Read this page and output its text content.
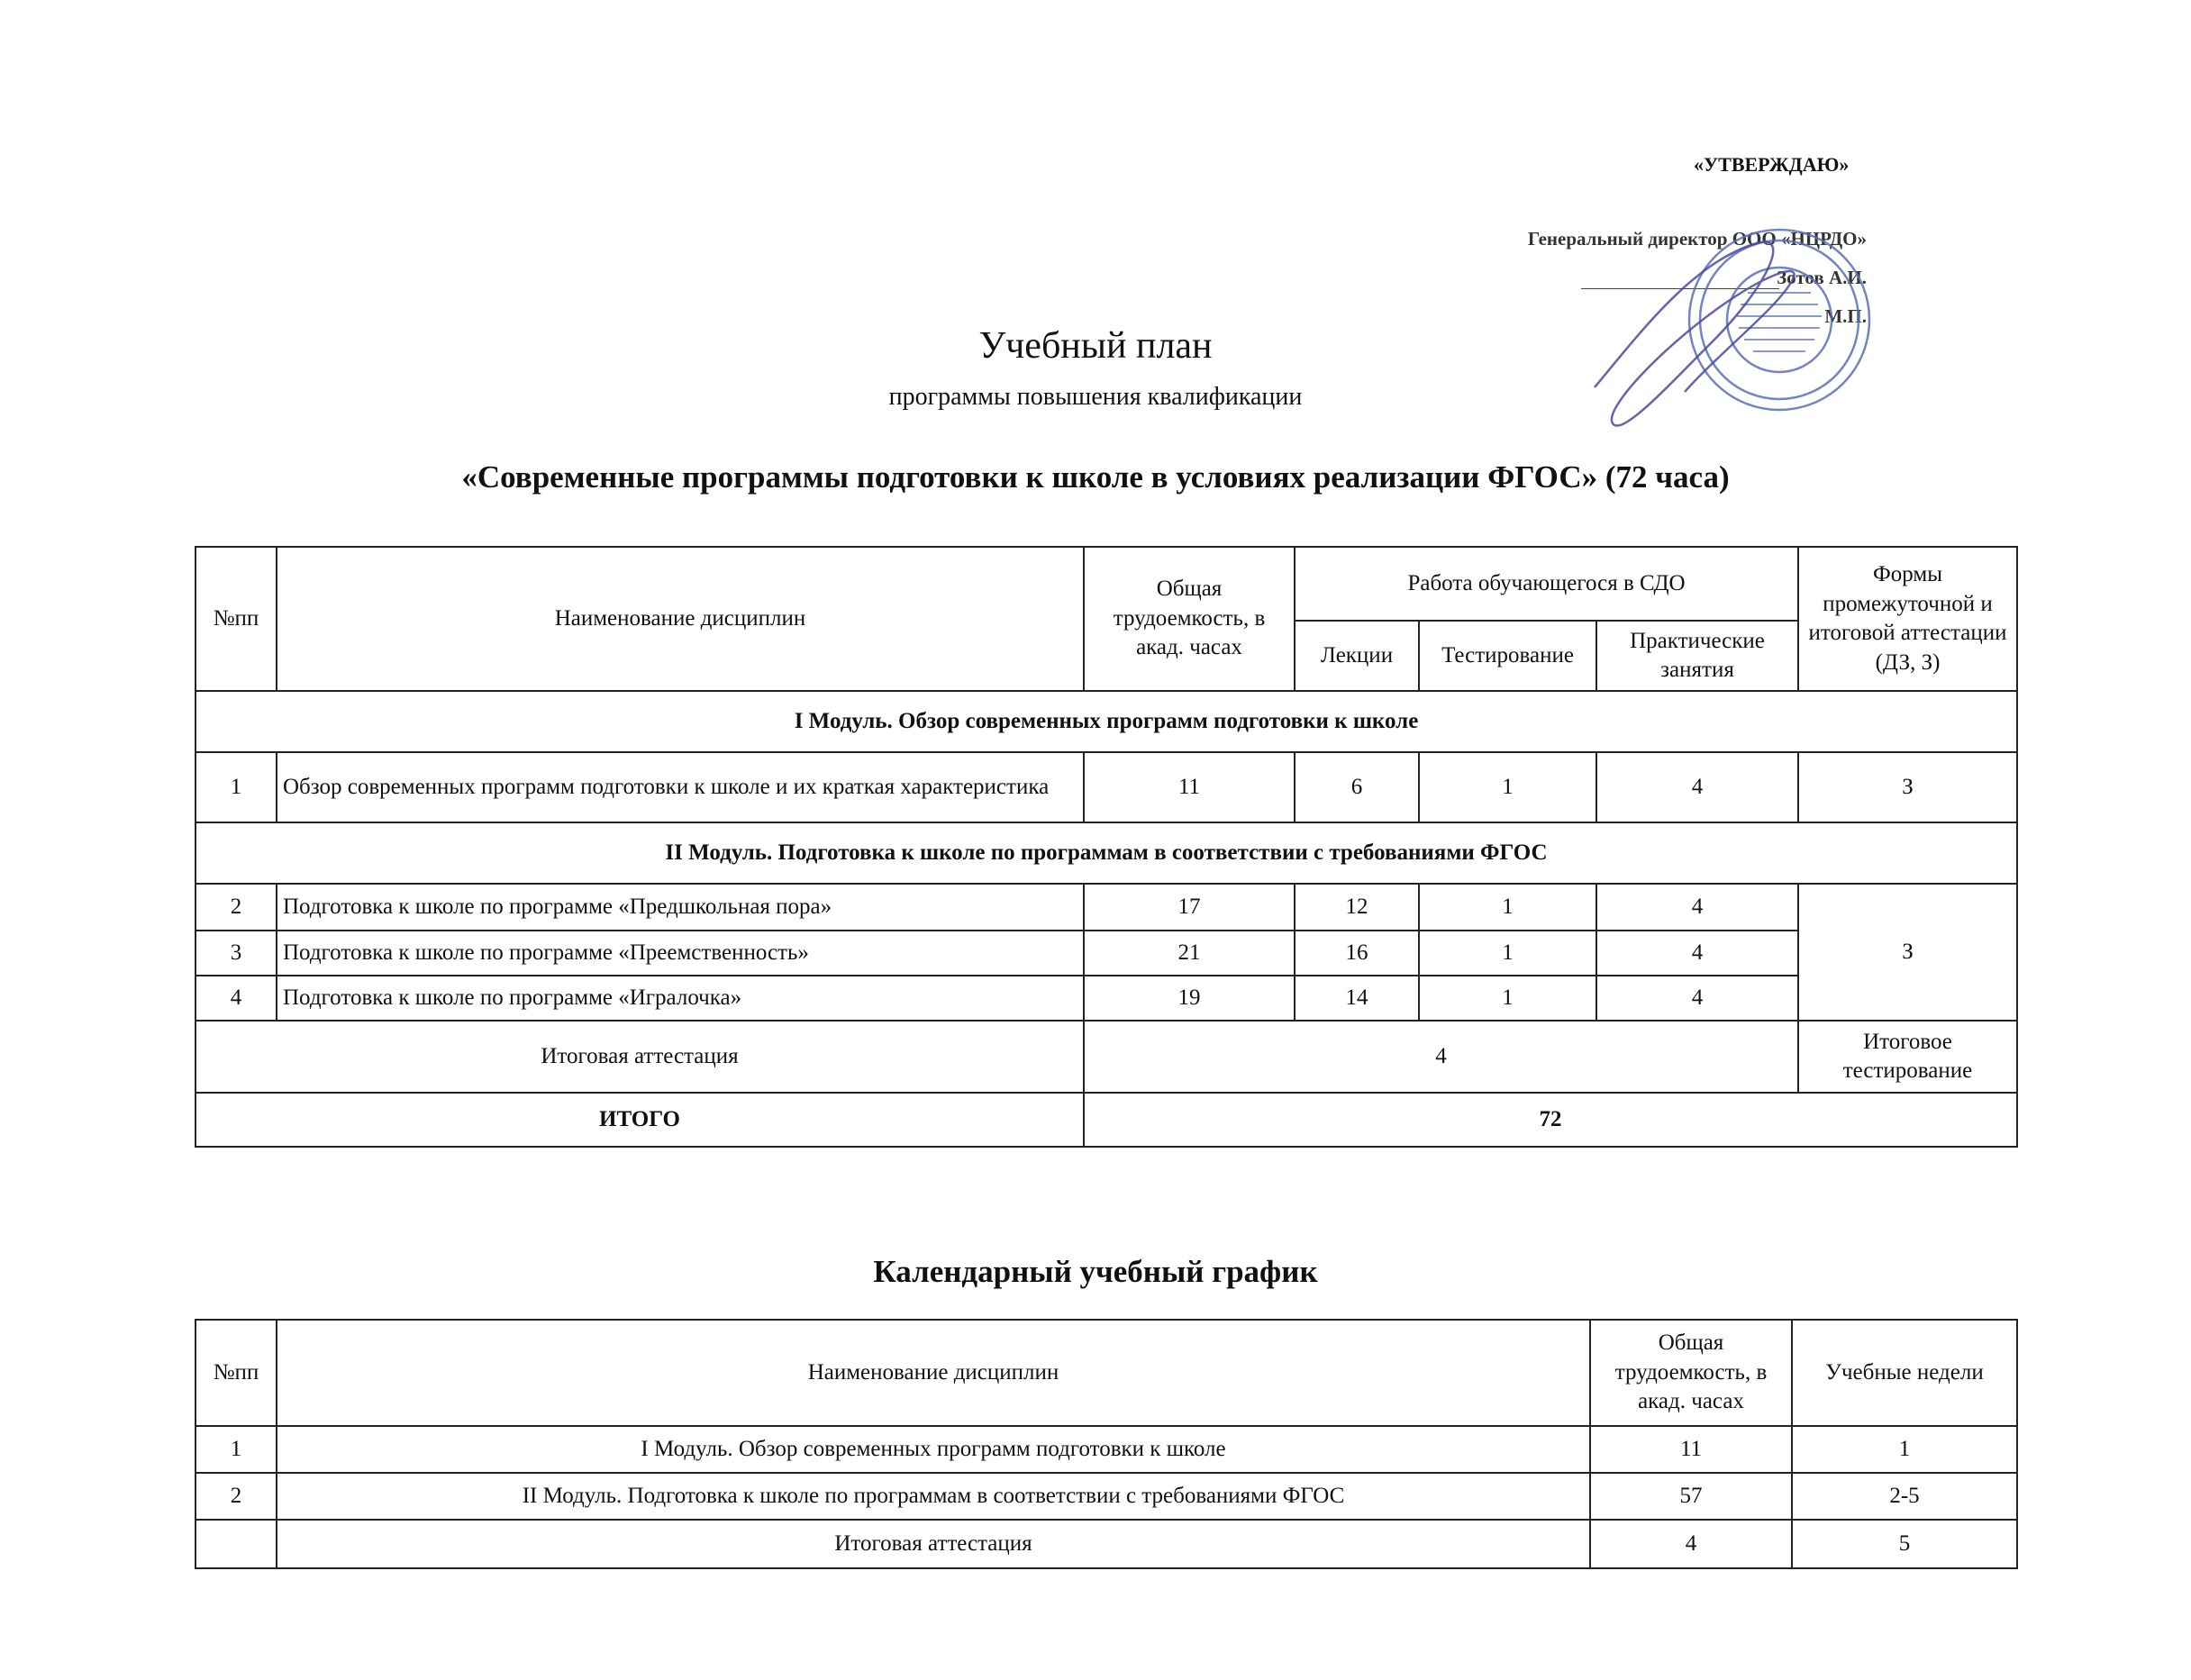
«УТВЕРЖДАЮ»
Генеральный директор ООО «НЦРДО»
Зотов А.И.
М.П.
Учебный план
программы повышения квалификации
«Современные программы подготовки к школе в условиях реализации ФГОС» (72 часа)
№пп	Наименование дисциплин	Общая трудоемкость, в акад. часах	Работа обучающегося в СДО			Формы промежуточной и итоговой аттестации (ДЗ, З)
			Лекции	Тестирование	Практические занятия	
I Модуль. Обзор современных программ подготовки к школе						
1	Обзор современных программ подготовки к школе и их краткая характеристика	11	6	1	4	З
II Модуль. Подготовка к школе по программам в соответствии с требованиями ФГОС						
2	Подготовка к школе по программе «Предшкольная пора»	17	12	1	4	З
3	Подготовка к школе по программе «Преемственность»	21	16	1	4	
4	Подготовка к школе по программе «Игралочка»	19	14	1	4	
Итоговая аттестация		4				Итоговое тестирование
ИТОГО		72				
Календарный учебный график
№пп	Наименование дисциплин	Общая трудоемкость, в акад. часах	Учебные недели
1	I Модуль. Обзор современных программ подготовки к школе	11	1
2	II Модуль. Подготовка к школе по программам в соответствии с требованиями ФГОС	57	2-5
	Итоговая аттестация	4	5
